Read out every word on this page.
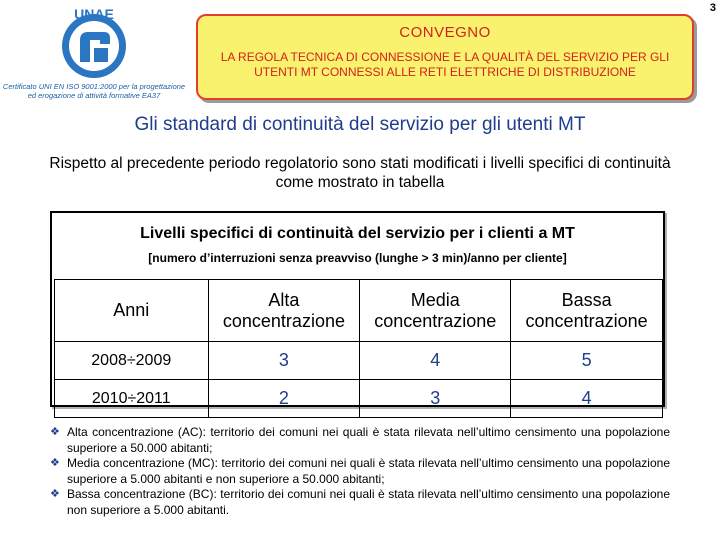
3
UNAE
Certificato UNI EN ISO 9001:2000 per la progettazione ed erogazione di attività formative EA37
CONVEGNO
LA REGOLA TECNICA DI CONNESSIONE E LA QUALITÀ DEL SERVIZIO PER GLI UTENTI MT CONNESSI ALLE RETI ELETTRICHE DI DISTRIBUZIONE
Gli standard di continuità del servizio per gli utenti MT
Rispetto al precedente periodo regolatorio sono stati modificati i livelli specifici di continuità come mostrato in tabella
Livelli specifici di continuità del servizio per i clienti a MT
[numero d’interruzioni senza preavviso (lunghe > 3 min)/anno per cliente]
Anni	Alta concentrazione	Media concentrazione	Bassa concentrazione
2008÷2009	3	4	5
2010÷2011	2	3	4
❖ Alta concentrazione (AC): territorio dei comuni nei quali è stata rilevata nell’ultimo censimento una popolazione superiore a 50.000 abitanti;
❖ Media concentrazione (MC): territorio dei comuni nei quali è stata rilevata nell’ultimo censimento una popolazione superiore a 5.000 abitanti e non superiore a 50.000 abitanti;
❖ Bassa concentrazione (BC): territorio dei comuni nei quali è stata rilevata nell’ultimo censimento una popolazione non superiore a 5.000 abitanti.
